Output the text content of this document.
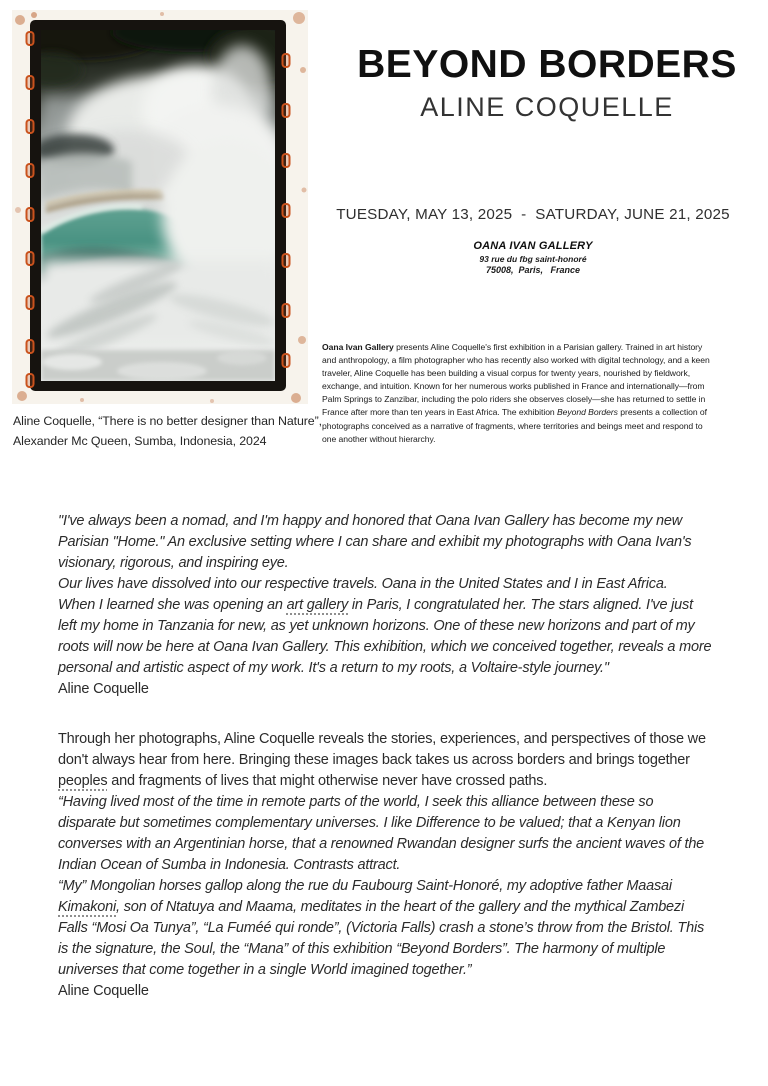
Aline Coquelle, “There is no better designer than Nature”,
Alexander Mc Queen, Sumba, Indonesia, 2024
BEYOND BORDERS
ALINE COQUELLE
TUESDAY, MAY 13, 2025  -  SATURDAY, JUNE 21, 2025
OANA IVAN GALLERY
93 rue du fbg saint-honoré
75008,  Paris,   France

Oana Ivan Gallery presents Aline Coquelle's first exhibition in a Parisian gallery. Trained in art history and anthropology, a film photographer who has recently also worked with digital technology, and a keen traveler, Aline Coquelle has been building a visual corpus for twenty years, nourished by fieldwork, exchange, and intuition. Known for her numerous works published in France and internationally—from Palm Springs to Zanzibar, including the polo riders she observes closely—she has returned to settle in France after more than ten years in East Africa. The exhibition Beyond Borders presents a collection of photographs conceived as a narrative of fragments, where territories and beings meet and respond to one another without hierarchy.

"I've always been a nomad, and I'm happy and honored that Oana Ivan Gallery has become my new Parisian "Home." An exclusive setting where I can share and exhibit my photographs with Oana Ivan's visionary, rigorous, and inspiring eye.

Our lives have dissolved into our respective travels. Oana in the United States and I in East Africa.

When I learned she was opening an art gallery in Paris, I congratulated her. The stars aligned. I've just left my home in Tanzania for new, as yet unknown horizons. One of these new horizons and part of my roots will now be here at Oana Ivan Gallery. This exhibition, which we conceived together, reveals a more personal and artistic aspect of my work. It's a return to my roots, a Voltaire-style journey."

Aline Coquelle

Through her photographs, Aline Coquelle reveals the stories, experiences, and perspectives of those we don't always hear from here. Bringing these images back takes us across borders and brings together peoples and fragments of lives that might otherwise never have crossed paths.

“Having lived most of the time in remote parts of the world, I seek this alliance between these so disparate but sometimes complementary universes. I like Difference to be valued; that a Kenyan lion converses with an Argentinian horse, that a renowned Rwandan designer surfs the ancient waves of the Indian Ocean of Sumba in Indonesia. Contrasts attract.

“My” Mongolian horses gallop along the rue du Faubourg Saint-Honoré, my adoptive father Maasai Kimakoni, son of Ntatuya and Maama, meditates in the heart of the gallery and the mythical Zambezi Falls “Mosi Oa Tunya”, “La Fuméé qui ronde”, (Victoria Falls) crash a stone’s throw from the Bristol. This is the signature, the Soul, the “Mana” of this exhibition “Beyond Borders”. The harmony of multiple universes that come together in a single World imagined together.”

Aline Coquelle
